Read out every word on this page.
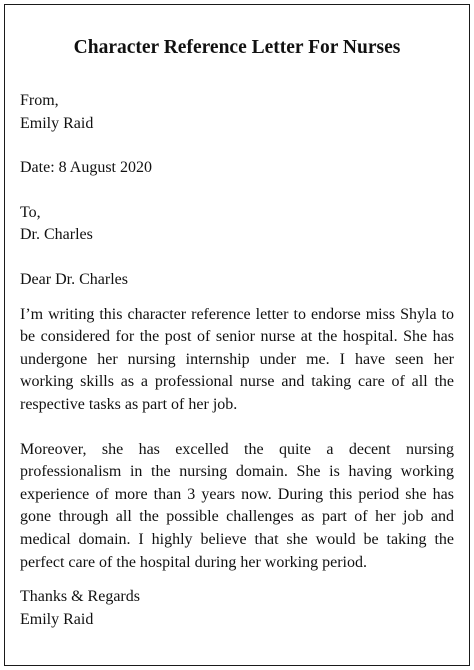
Character Reference Letter For Nurses

From,

Emily Raid

Date: 8 August 2020

To,

Dr. Charles

Dear Dr. Charles

I’m writing this character reference letter to endorse miss Shyla to be considered for the post of senior nurse at the hospital. She has undergone her nursing internship under me. I have seen her working skills as a professional nurse and taking care of all the respective tasks as part of her job.

Moreover, she has excelled the quite a decent nursing professionalism in the nursing domain. She is having working experience of more than 3 years now. During this period she has gone through all the possible challenges as part of her job and medical domain. I highly believe that she would be taking the perfect care of the hospital during her working period.

Thanks & Regards

Emily Raid
